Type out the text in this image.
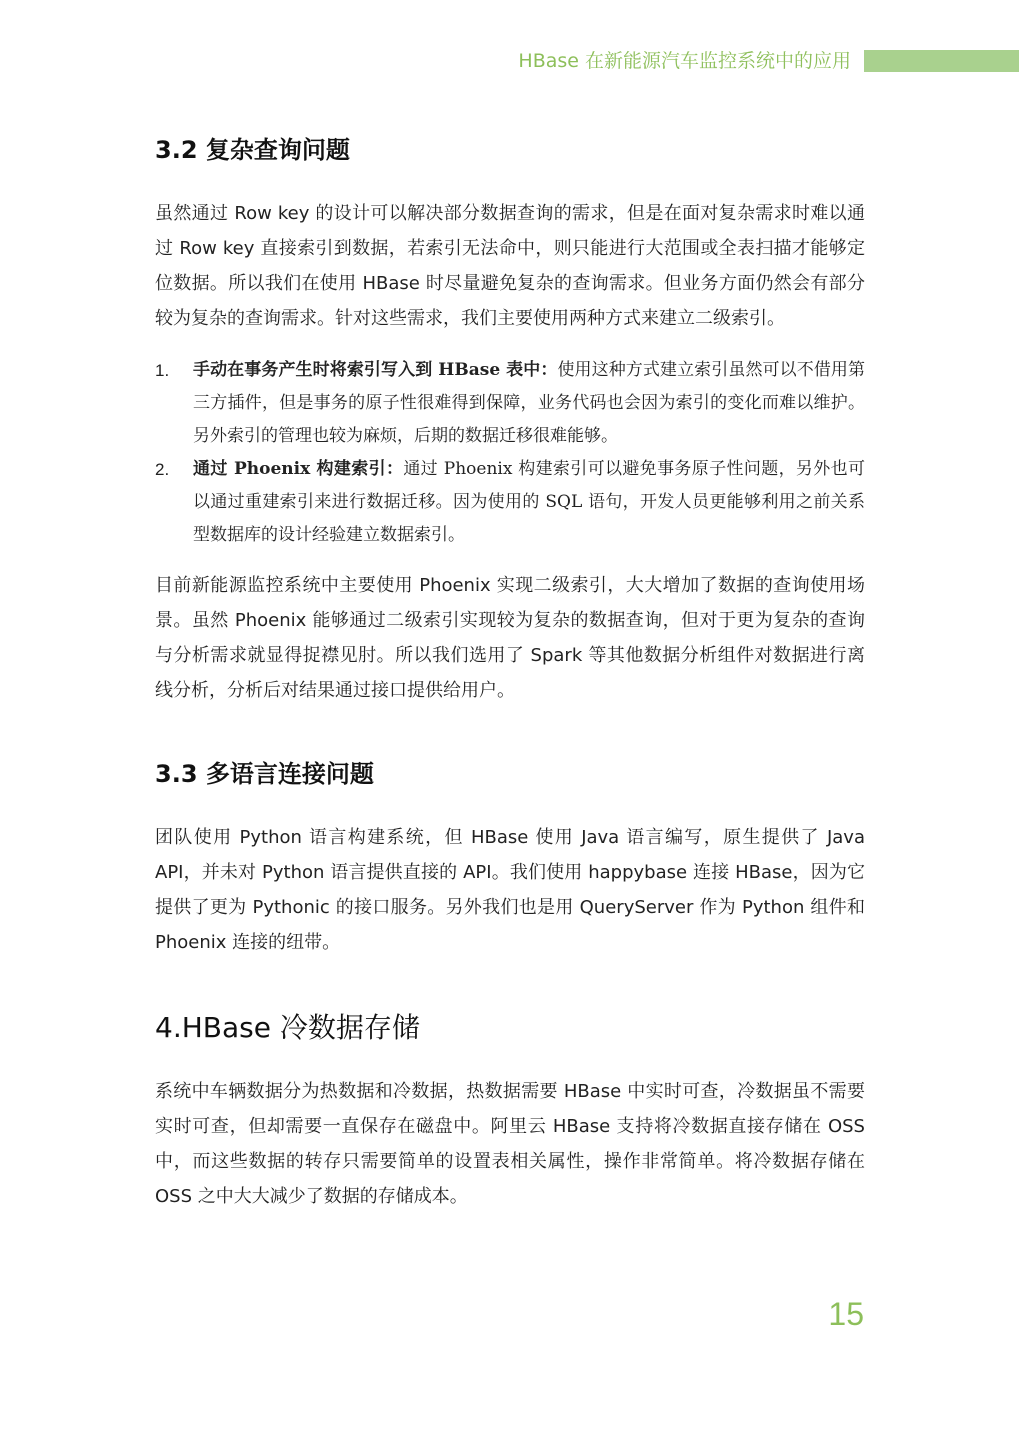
HBase 在新能源汽车监控系统中的应用
3.2 复杂查询问题

虽然通过 Row key 的设计可以解决部分数据查询的需求，但是在面对复杂需求时难以通过 Row key 直接索引到数据，若索引无法命中，则只能进行大范围或全表扫描才能够定位数据。所以我们在使用 HBase 时尽量避免复杂的查询需求。但业务方面仍然会有部分较为复杂的查询需求。针对这些需求，我们主要使用两种方式来建立二级索引。

1. 手动在事务产生时将索引写入到 HBase 表中：使用这种方式建立索引虽然可以不借用第三方插件，但是事务的原子性很难得到保障，业务代码也会因为索引的变化而难以维护。另外索引的管理也较为麻烦，后期的数据迁移很难能够。
2. 通过 Phoenix 构建索引：通过 Phoenix 构建索引可以避免事务原子性问题，另外也可以通过重建索引来进行数据迁移。因为使用的 SQL 语句，开发人员更能够利用之前关系型数据库的设计经验建立数据索引。

目前新能源监控系统中主要使用 Phoenix 实现二级索引，大大增加了数据的查询使用场景。虽然 Phoenix 能够通过二级索引实现较为复杂的数据查询，但对于更为复杂的查询与分析需求就显得捉襟见肘。所以我们选用了 Spark 等其他数据分析组件对数据进行离线分析，分析后对结果通过接口提供给用户。

3.3 多语言连接问题

团队使用 Python 语言构建系统，但 HBase 使用 Java 语言编写，原生提供了 Java API，并未对 Python 语言提供直接的 API。我们使用 happybase 连接 HBase，因为它提供了更为 Pythonic 的接口服务。另外我们也是用 QueryServer 作为 Python 组件和 Phoenix 连接的纽带。

4.HBase 冷数据存储

系统中车辆数据分为热数据和冷数据，热数据需要 HBase 中实时可查，冷数据虽不需要实时可查，但却需要一直保存在磁盘中。阿里云 HBase 支持将冷数据直接存储在 OSS 中，而这些数据的转存只需要简单的设置表相关属性，操作非常简单。将冷数据存储在 OSS 之中大大减少了数据的存储成本。

15
